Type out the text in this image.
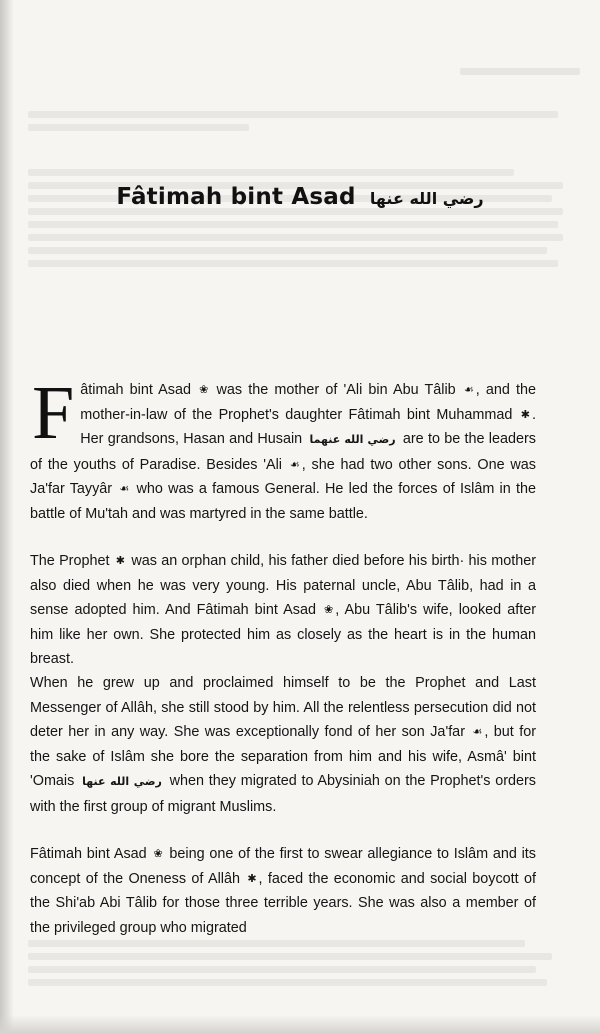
Fâtimah bint Asad رضي الله عنها
Fâtimah bint Asad ❀ was the mother of 'Ali bin Abu Tâlib ☙ , and the mother-in-law of the Prophet's daughter Fâtimah bint Muhammad ✱ . Her grandsons, Hasan and Husain رضي الله عنهما are to be the leaders of the youths of Paradise. Besides 'Ali ☙ , she had two other sons. One was Ja'far Tayyâr ☙ who was a famous General. He led the forces of Islâm in the battle of Mu'tah and was martyred in the same battle.
The Prophet ✱ was an orphan child, his father died before his birth· his mother also died when he was very young. His paternal uncle, Abu Tâlib, had in a sense adopted him. And Fâtimah bint Asad ❀ , Abu Tâlib's wife, looked after him like her own. She protected him as closely as the heart is in the human breast.
When he grew up and proclaimed himself to be the Prophet and Last Messenger of Allâh, she still stood by him. All the relentless persecution did not deter her in any way. She was exceptionally fond of her son Ja'far ☙ , but for the sake of Islâm she bore the separation from him and his wife, Asmâ' bint 'Omais رضي الله عنها when they migrated to Abysiniah on the Prophet's orders with the first group of migrant Muslims.
Fâtimah bint Asad ❀ being one of the first to swear allegiance to Islâm and its concept of the Oneness of Allâh ✱ , faced the economic and social boycott of the Shi'ab Abi Tâlib for those three terrible years. She was also a member of the privileged group who migrated
